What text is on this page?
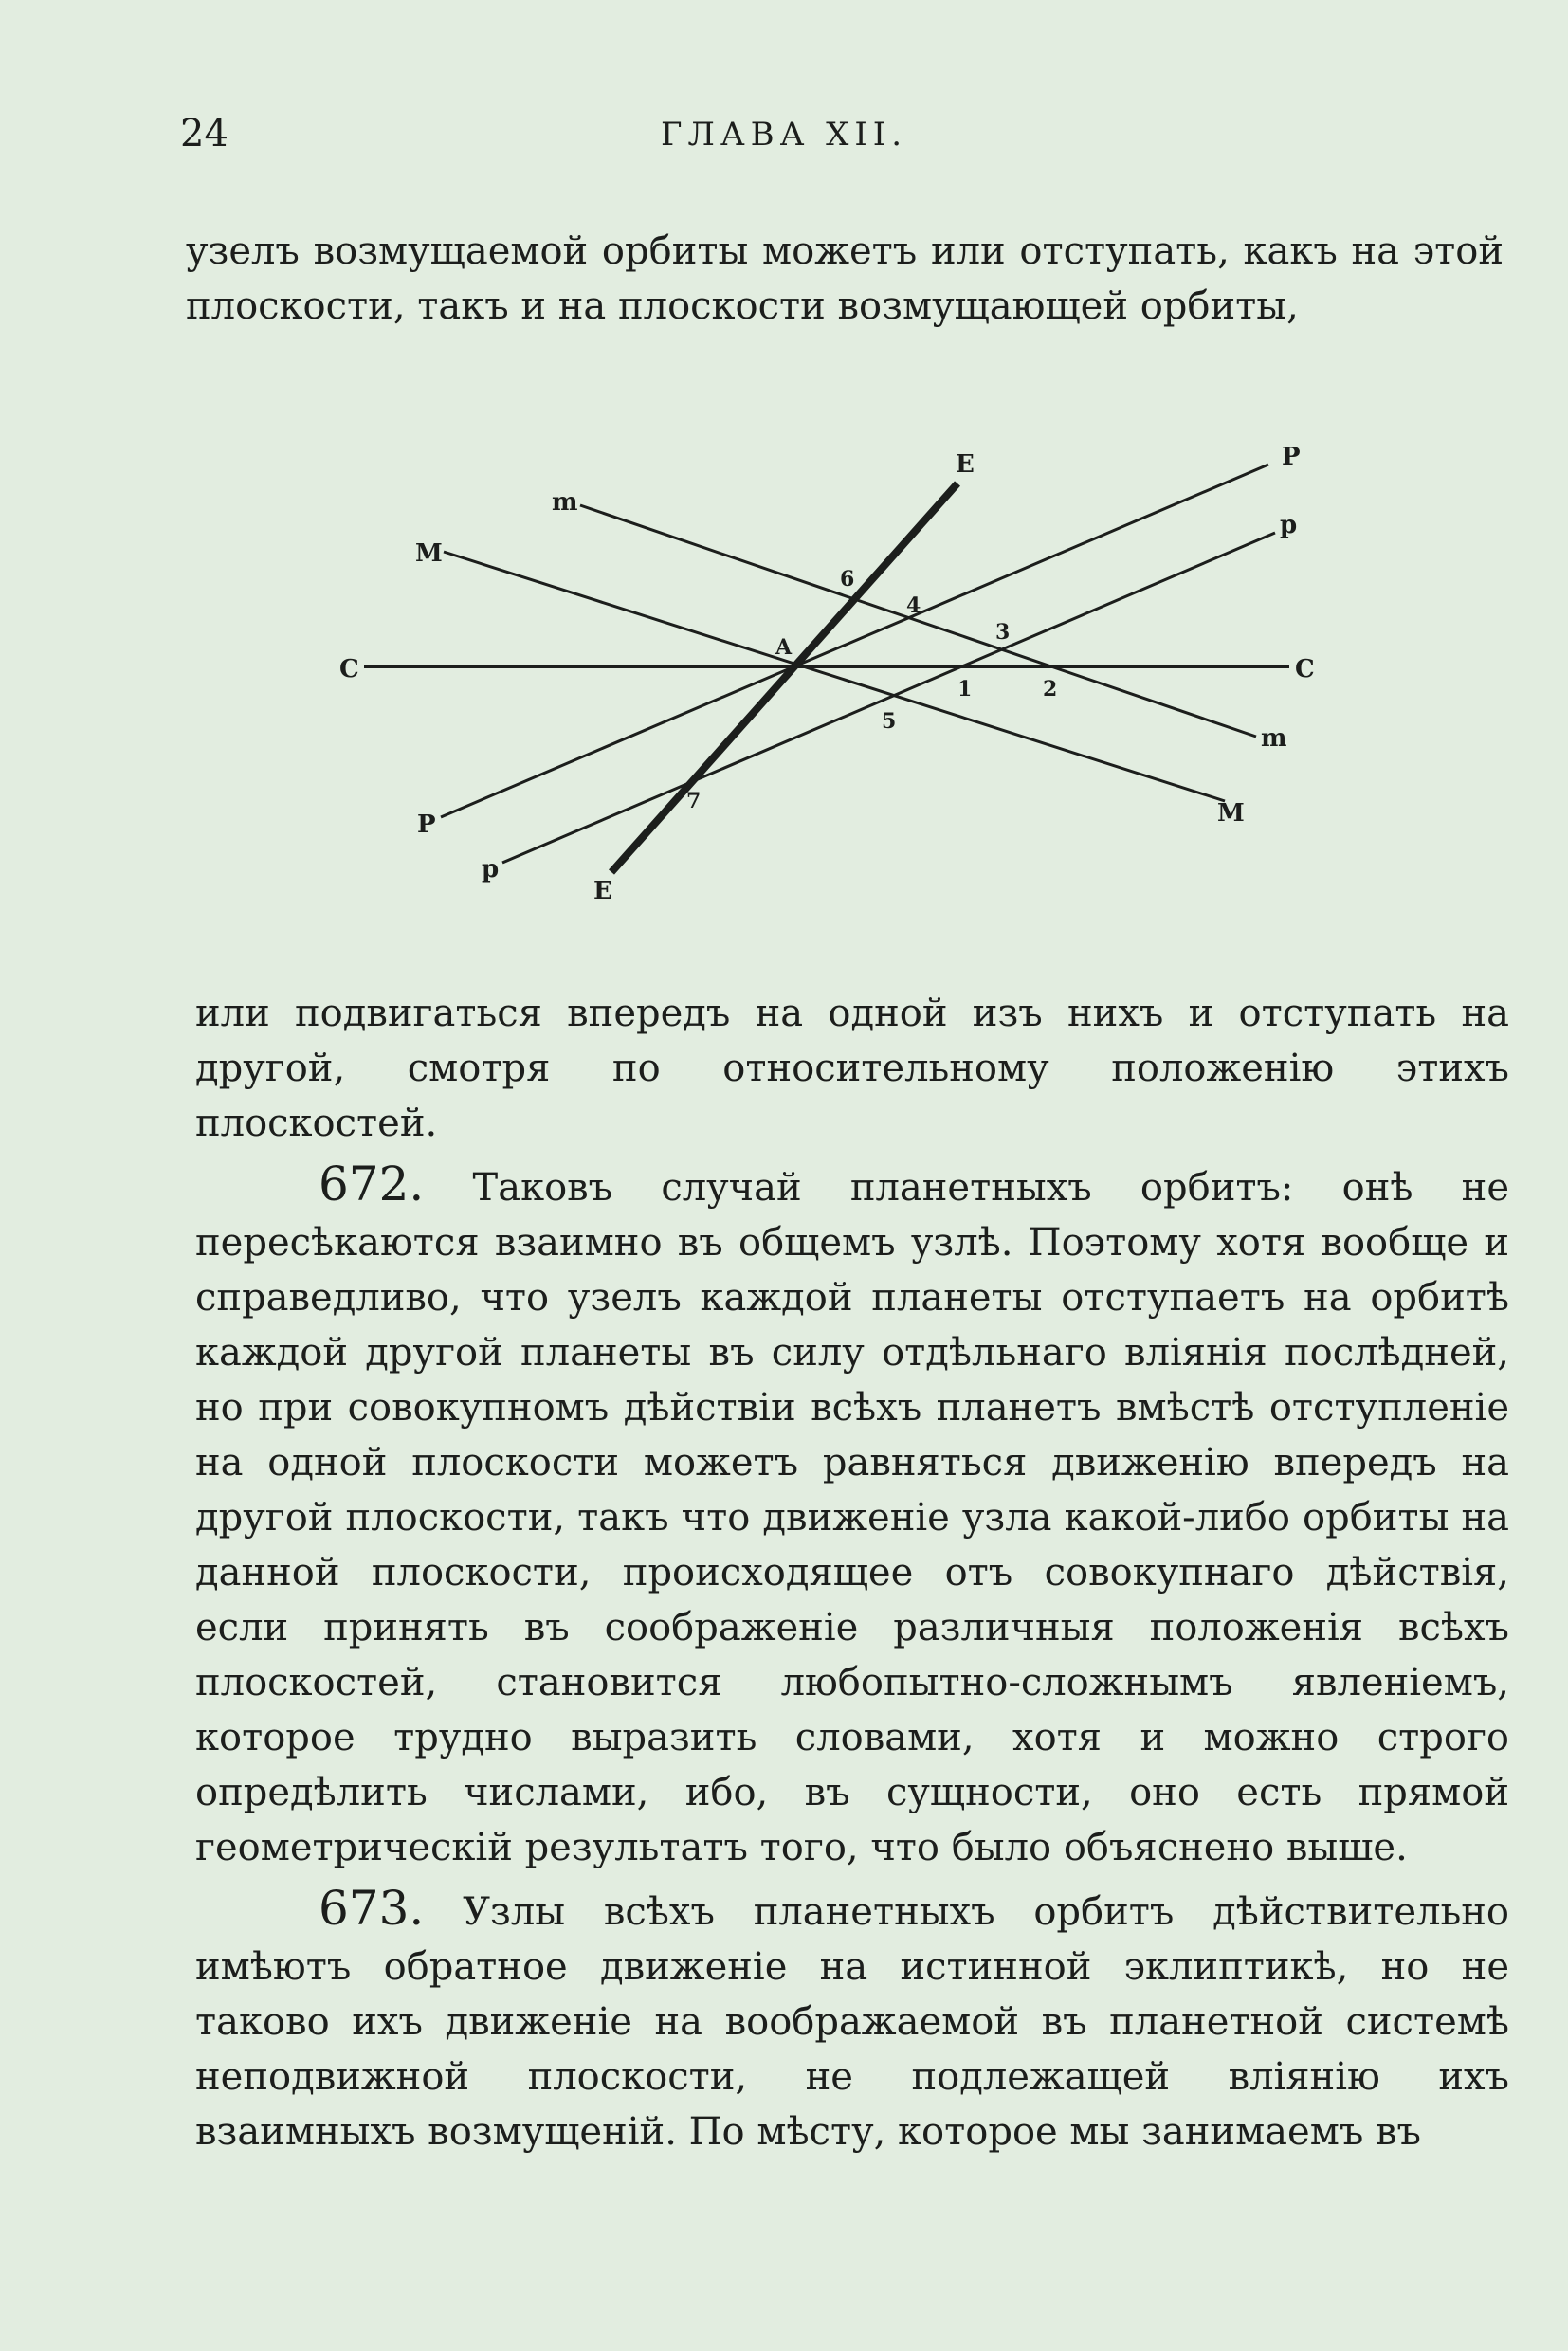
24	ГЛАВА XII.

узелъ возмущаемой орбиты можетъ или отступать, какъ на этой плоскости, такъ и на плоскости возмущающей орбиты,

E
E
P
P
p
p
m
m
M
M
C	C
A
1	2
3
4
5
6
7

или подвигаться впередъ на одной изъ нихъ и отступать на другой, смотря по относительному положенію этихъ плоскостей.

672. Таковъ случай планетныхъ орбитъ: онѣ не пересѣкаются взаимно въ общемъ узлѣ. Поэтому хотя вообще и справедливо, что узелъ каждой планеты отступаетъ на орбитѣ каждой другой планеты въ силу отдѣльнаго вліянія послѣдней, но при совокупномъ дѣйствіи всѣхъ планетъ вмѣстѣ отступленіе на одной плоскости можетъ равняться движенію впередъ на другой плоскости, такъ что движеніе узла какой-либо орбиты на данной плоскости, происходящее отъ совокупнаго дѣйствія, если принять въ соображеніе различныя положенія всѣхъ плоскостей, становится любопытно-сложнымъ явленіемъ, которое трудно выразить словами, хотя и можно строго опредѣлить числами, ибо, въ сущности, оно есть прямой геометрическій результатъ того, что было объяснено выше.

673. Узлы всѣхъ планетныхъ орбитъ дѣйствительно имѣютъ обратное движеніе на истинной эклиптикѣ, но не таково ихъ движеніе на воображаемой въ планетной системѣ неподвижной плоскости, не подлежащей вліянію ихъ взаимныхъ возмущеній. По мѣсту, которое мы занимаемъ въ
